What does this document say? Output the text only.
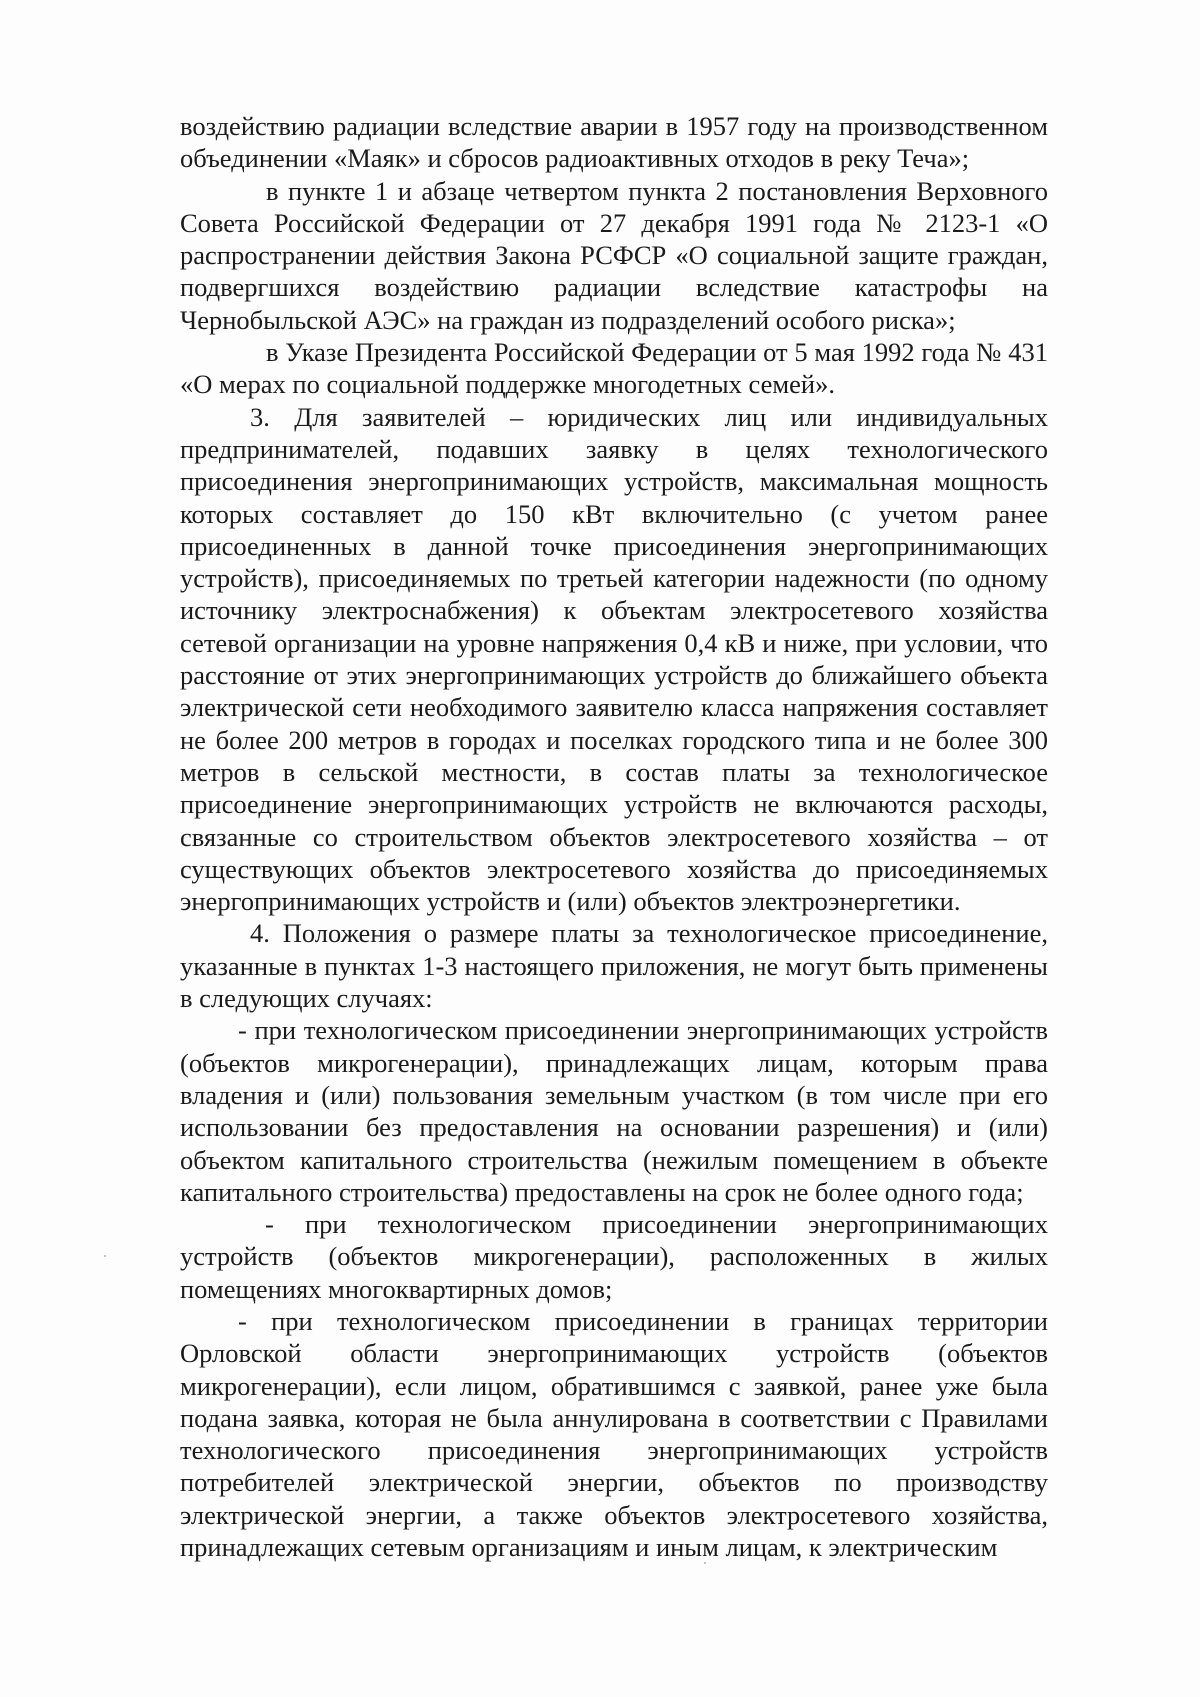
воздействию радиации вследствие аварии в 1957 году на производственном объединении «Маяк» и сбросов радиоактивных отходов в реку Теча»;

в пункте 1 и абзаце четвертом пункта 2 постановления Верховного Совета Российской Федерации от 27 декабря 1991 года № 2123-1 «О распространении действия Закона РСФСР «О социальной защите граждан, подвергшихся воздействию радиации вследствие катастрофы на Чернобыльской АЭС» на граждан из подразделений особого риска»;

в Указе Президента Российской Федерации от 5 мая 1992 года № 431 «О мерах по социальной поддержке многодетных семей».

3. Для заявителей – юридических лиц или индивидуальных предпринимателей, подавших заявку в целях технологического присоединения энергопринимающих устройств, максимальная мощность которых составляет до 150 кВт включительно (с учетом ранее присоединенных в данной точке присоединения энергопринимающих устройств), присоединяемых по третьей категории надежности (по одному источнику электроснабжения) к объектам электросетевого хозяйства сетевой организации на уровне напряжения 0,4 кВ и ниже, при условии, что расстояние от этих энергопринимающих устройств до ближайшего объекта электрической сети необходимого заявителю класса напряжения составляет не более 200 метров в городах и поселках городского типа и не более 300 метров в сельской местности, в состав платы за технологическое присоединение энергопринимающих устройств не включаются расходы, связанные со строительством объектов электросетевого хозяйства – от существующих объектов электросетевого хозяйства до присоединяемых энергопринимающих устройств и (или) объектов электроэнергетики.

4. Положения о размере платы за технологическое присоединение, указанные в пунктах 1-3 настоящего приложения, не могут быть применены в следующих случаях:

- при технологическом присоединении энергопринимающих устройств (объектов микрогенерации), принадлежащих лицам, которым права владения и (или) пользования земельным участком (в том числе при его использовании без предоставления на основании разрешения) и (или) объектом капитального строительства (нежилым помещением в объекте капитального строительства) предоставлены на срок не более одного года;

- при технологическом присоединении энергопринимающих устройств (объектов микрогенерации), расположенных в жилых помещениях многоквартирных домов;

- при технологическом присоединении в границах территории Орловской области энергопринимающих устройств (объектов микрогенерации), если лицом, обратившимся с заявкой, ранее уже была подана заявка, которая не была аннулирована в соответствии с Правилами технологического присоединения энергопринимающих устройств потребителей электрической энергии, объектов по производству электрической энергии, а также объектов электросетевого хозяйства, принадлежащих сетевым организациям и иным лицам, к электрическим
